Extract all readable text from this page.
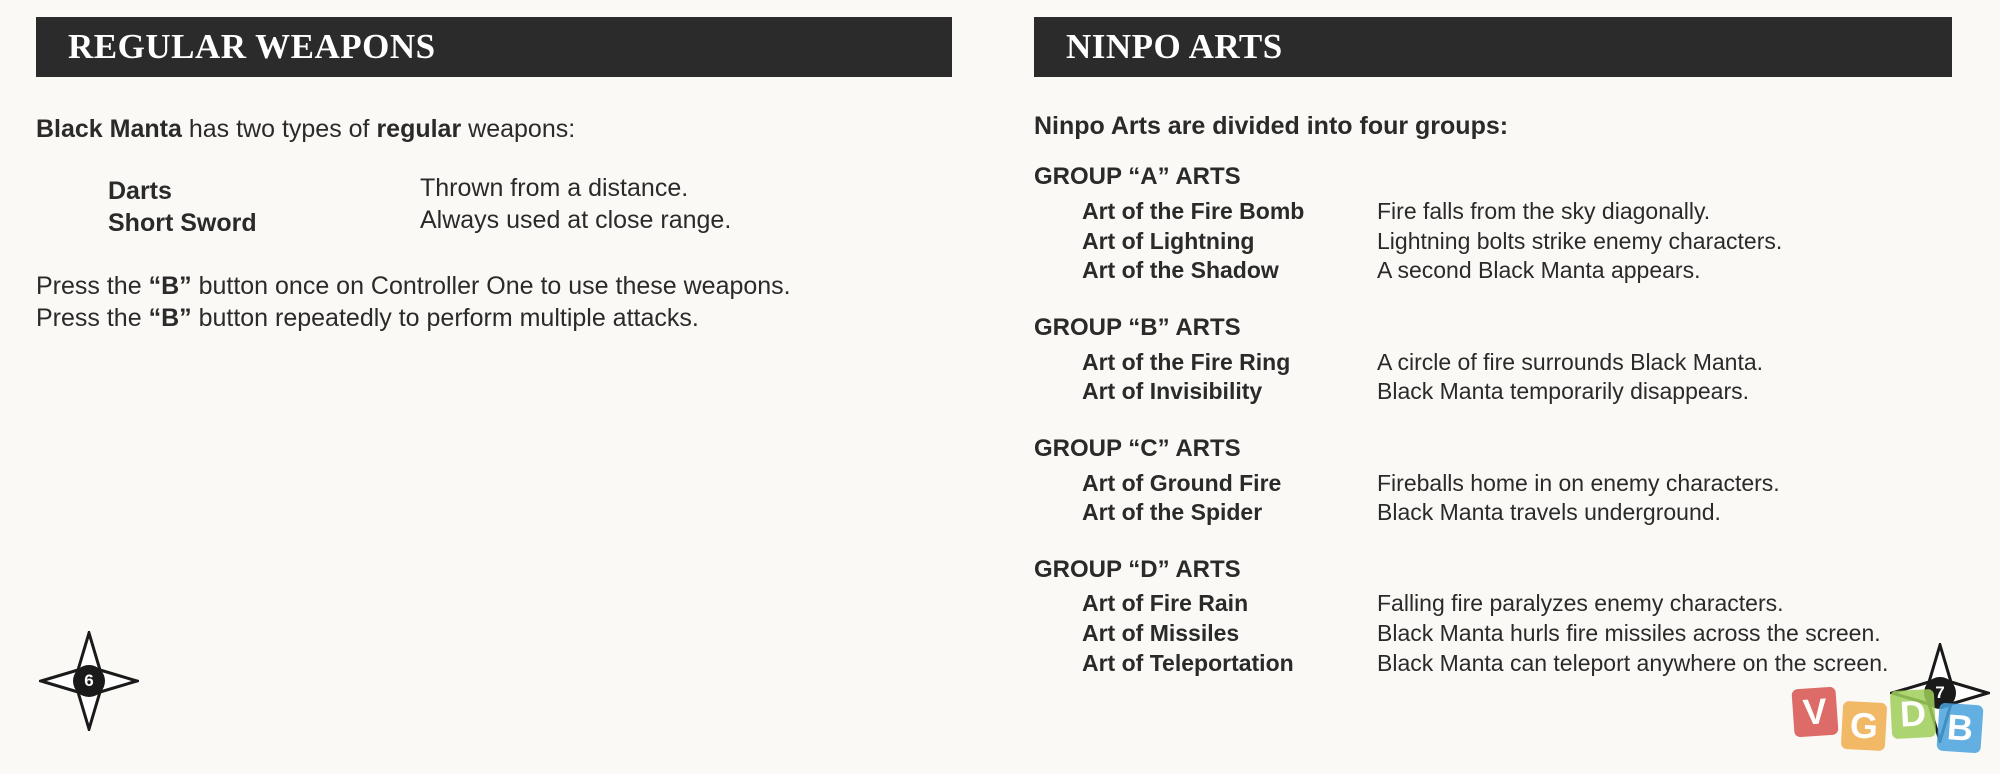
REGULAR WEAPONS
Black Manta has two types of regular weapons:
Darts	Thrown from a distance.
Short Sword	Always used at close range.
Press the “B” button once on Controller One to use these weapons.
Press the “B” button repeatedly to perform multiple attacks.
6
NINPO ARTS
Ninpo Arts are divided into four groups:
GROUP “A” ARTS
Art of the Fire Bomb	Fire falls from the sky diagonally.
Art of Lightning	Lightning bolts strike enemy characters.
Art of the Shadow	A second Black Manta appears.
GROUP “B” ARTS
Art of the Fire Ring	A circle of fire surrounds Black Manta.
Art of Invisibility	Black Manta temporarily disappears.
GROUP “C” ARTS
Art of Ground Fire	Fireballs home in on enemy characters.
Art of the Spider	Black Manta travels underground.
GROUP “D” ARTS
Art of Fire Rain	Falling fire paralyzes enemy characters.
Art of Missiles	Black Manta hurls fire missiles across the screen.
Art of Teleportation	Black Manta can teleport anywhere on the screen.
7
V G D B
